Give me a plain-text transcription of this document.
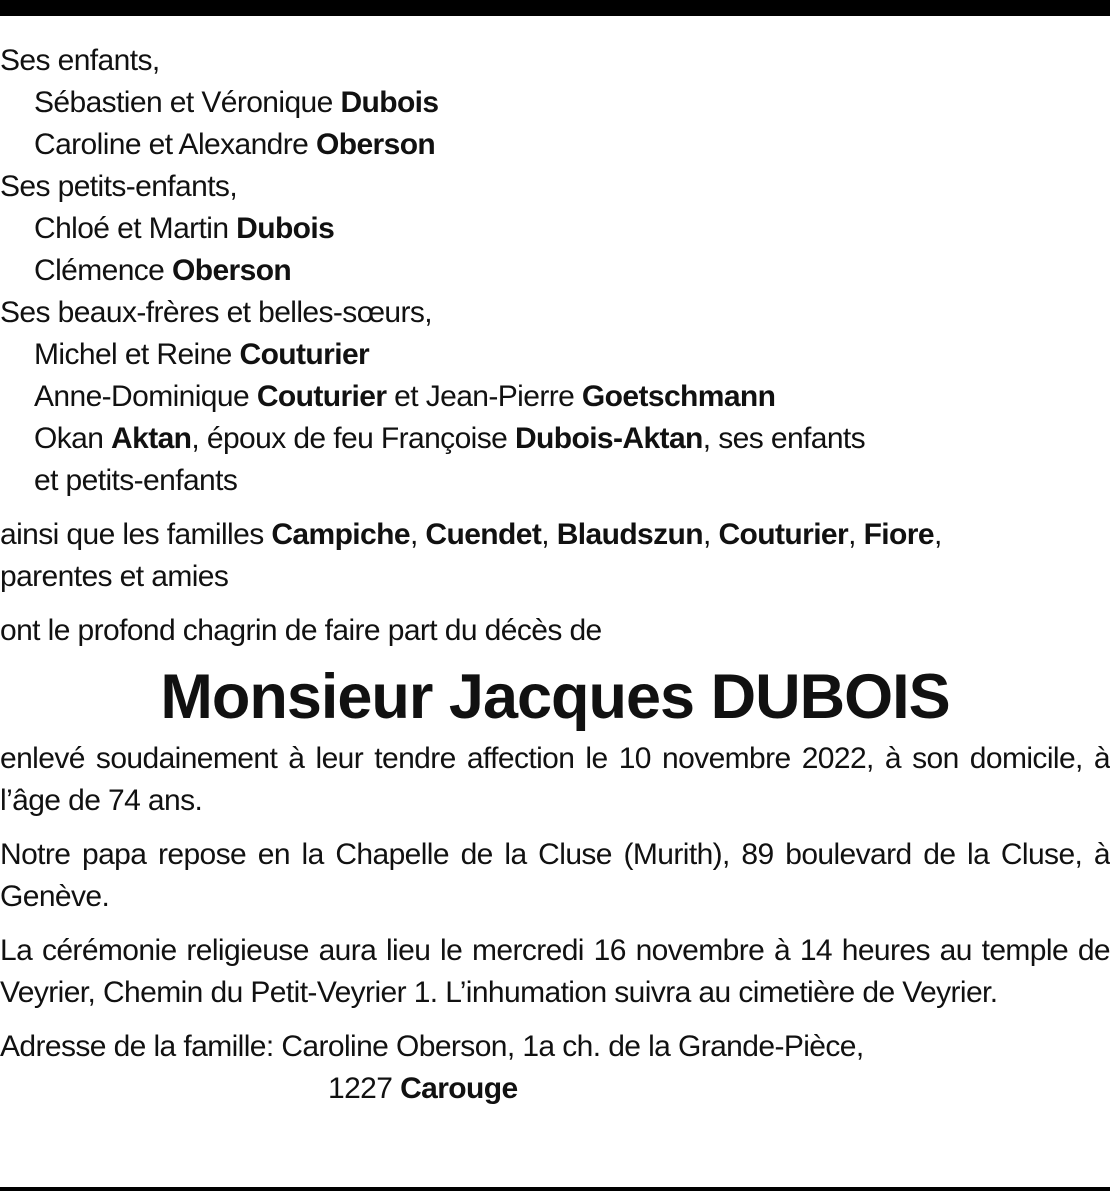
Ses enfants,
Sébastien et Véronique Dubois
Caroline et Alexandre Oberson
Ses petits-enfants,
Chloé et Martin Dubois
Clémence Oberson
Ses beaux-frères et belles-sœurs,
Michel et Reine Couturier
Anne-Dominique Couturier et Jean-Pierre Goetschmann
Okan Aktan, époux de feu Françoise Dubois-Aktan, ses enfants
et petits-enfants
ainsi que les familles Campiche, Cuendet, Blaudszun, Couturier, Fiore,
parentes et amies
ont le profond chagrin de faire part du décès de
Monsieur Jacques DUBOIS
enlevé soudainement à leur tendre affection le 10 novembre 2022, à son domicile, à l’âge de 74 ans.
Notre papa repose en la Chapelle de la Cluse (Murith), 89 boulevard de la Cluse, à Genève.
La cérémonie religieuse aura lieu le mercredi 16 novembre à 14 heures au temple de Veyrier, Chemin du Petit-Veyrier 1. L’inhumation suivra au cimetière de Veyrier.
Adresse de la famille: Caroline Oberson, 1a ch. de la Grande-Pièce,
1227 Carouge
